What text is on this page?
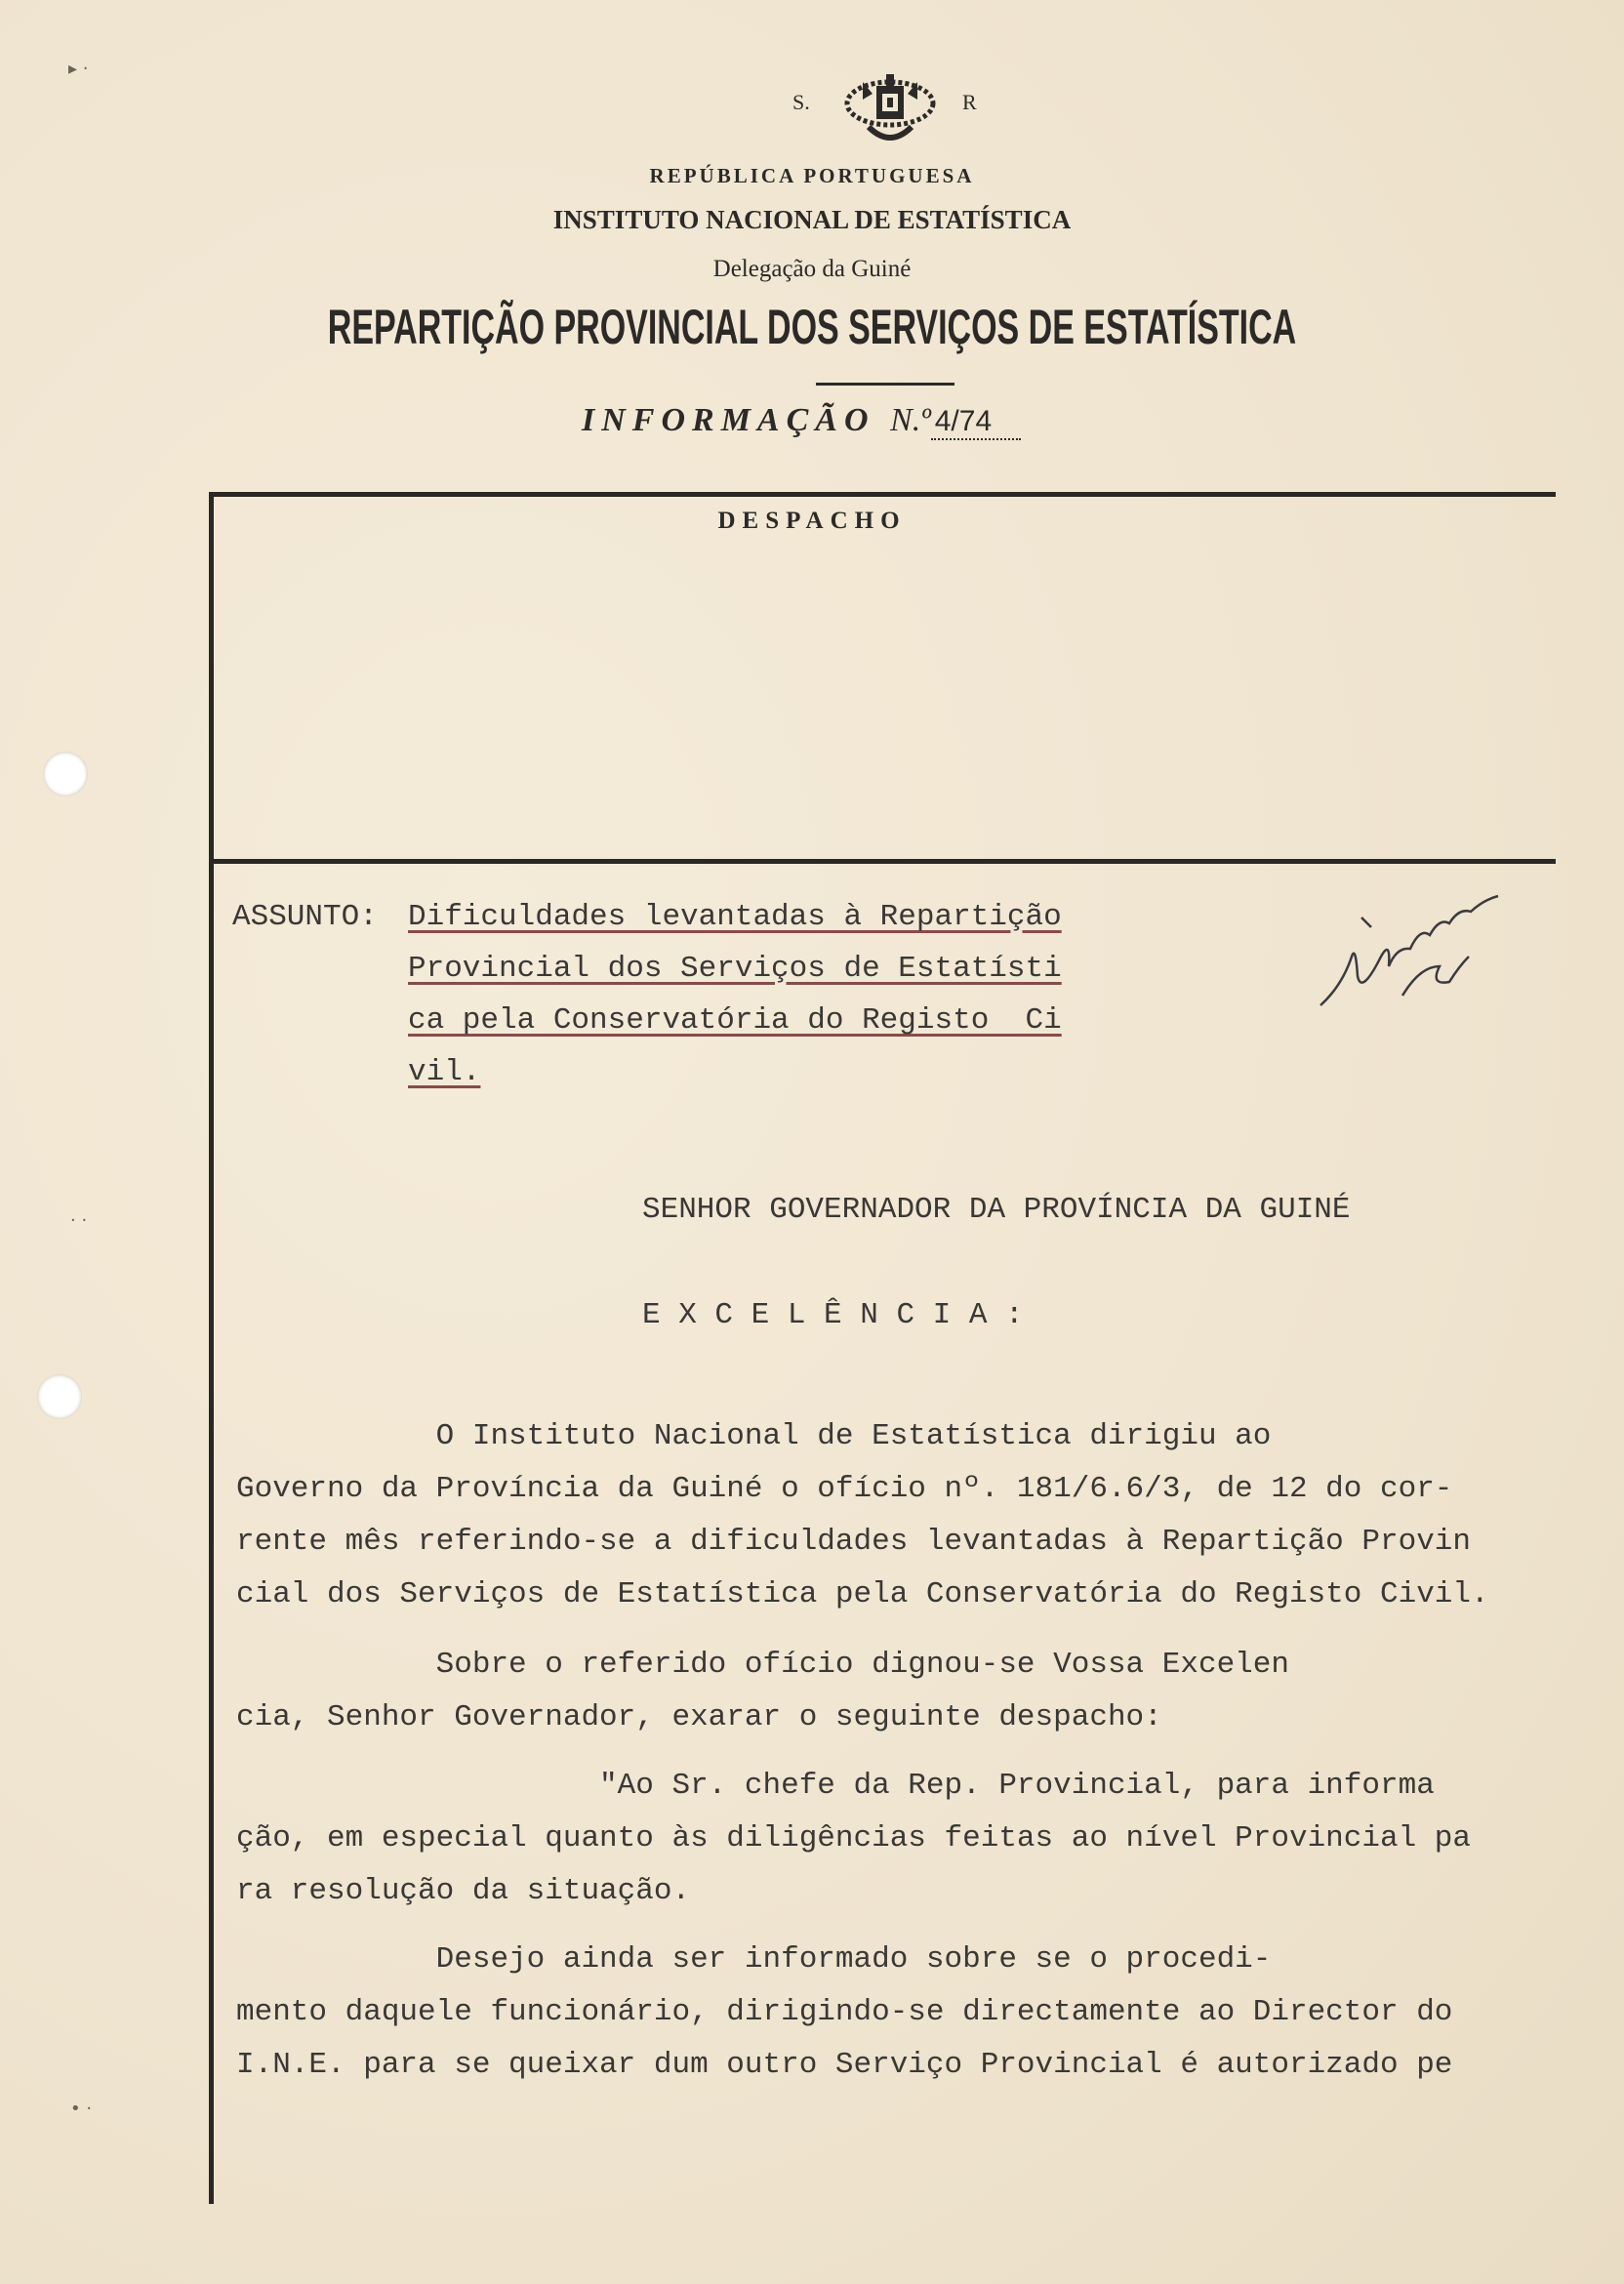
▸ ·
· ·
• ·
S.	R
REPÚBLICA PORTUGUESA
INSTITUTO NACIONAL DE ESTATÍSTICA
Delegação da Guiné
REPARTIÇÃO PROVINCIAL DOS SERVIÇOS DE ESTATÍSTICA
INFORMAÇÃO N.º 4/74
DESPACHO
ASSUNTO: Dificuldades levantadas à Repartição
Provincial dos Serviços de Estatísti
ca pela Conservatória do Registo  Ci
vil.
SENHOR GOVERNADOR DA PROVÍNCIA DA GUINÉ
E X C E L Ê N C I A :
O Instituto Nacional de Estatística dirigiu ao
Governo da Província da Guiné o ofício nº. 181/6.6/3, de 12 do cor-
rente mês referindo-se a dificuldades levantadas à Repartição Provin
cial dos Serviços de Estatística pela Conservatória do Registo Civil.
Sobre o referido ofício dignou-se Vossa Excelen
cia, Senhor Governador, exarar o seguinte despacho:
"Ao Sr. chefe da Rep. Provincial, para informa
ção, em especial quanto às diligências feitas ao nível Provincial pa
ra resolução da situação.
Desejo ainda ser informado sobre se o procedi-
mento daquele funcionário, dirigindo-se directamente ao Director do
I.N.E. para se queixar dum outro Serviço Provincial é autorizado pe
